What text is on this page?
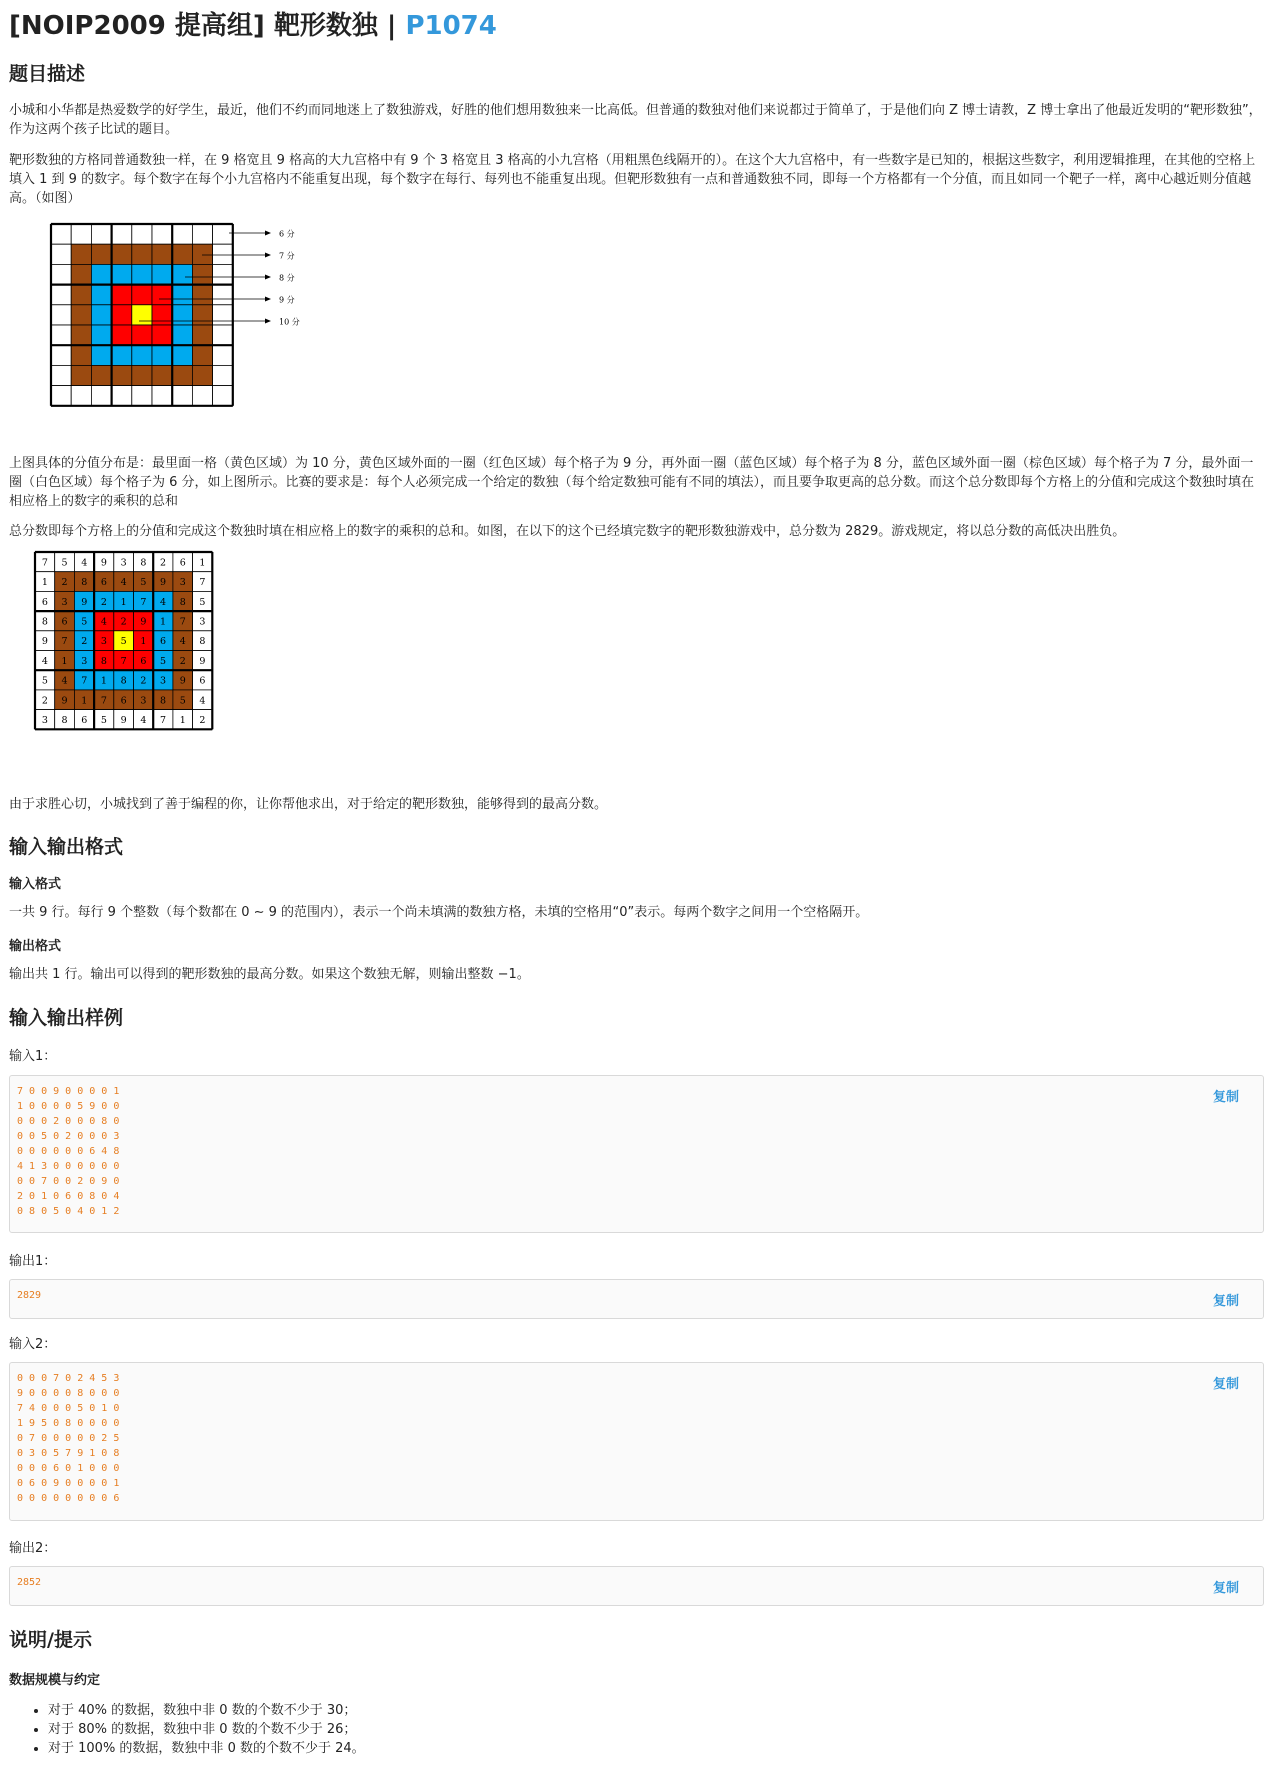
[NOIP2009 提高组] 靶形数独 | P1074
题目描述
小城和小华都是热爱数学的好学生，最近，他们不约而同地迷上了数独游戏，好胜的他们想用数独来一比高低。但普通的数独对他们来说都过于简单了，于是他们向 Z 博士请教，Z 博士拿出了他最近发明的“靶形数独”，作为这两个孩子比试的题目。
靶形数独的方格同普通数独一样，在 9 格宽且 9 格高的大九宫格中有 9 个 3 格宽且 3 格高的小九宫格（用粗黑色线隔开的）。在这个大九宫格中，有一些数字是已知的，根据这些数字，利用逻辑推理，在其他的空格上填入 1 到 9 的数字。每个数字在每个小九宫格内不能重复出现，每个数字在每行、每列也不能重复出现。但靶形数独有一点和普通数独不同，即每一个方格都有一个分值，而且如同一个靶子一样，离中心越近则分值越高。（如图）
6 分
7 分
8 分
9 分
10 分
上图具体的分值分布是：最里面一格（黄色区域）为 10 分，黄色区域外面的一圈（红色区域）每个格子为 9 分，再外面一圈（蓝色区域）每个格子为 8 分，蓝色区域外面一圈（棕色区域）每个格子为 7 分，最外面一圈（白色区域）每个格子为 6 分，如上图所示。比赛的要求是：每个人必须完成一个给定的数独（每个给定数独可能有不同的填法），而且要争取更高的总分数。而这个总分数即每个方格上的分值和完成这个数独时填在相应格上的数字的乘积的总和
总分数即每个方格上的分值和完成这个数独时填在相应格上的数字的乘积的总和。如图，在以下的这个已经填完数字的靶形数独游戏中，总分数为 2829。游戏规定，将以总分数的高低决出胜负。
7 5 4 9 3 8 2 6 1
1 2 8 6 4 5 9 3 7
6 3 9 2 1 7 4 8 5
8 6 5 4 2 9 1 7 3
9 7 2 3 5 1 6 4 8
4 1 3 8 7 6 5 2 9
5 4 7 1 8 2 3 9 6
2 9 1 7 6 3 8 5 4
3 8 6 5 9 4 7 1 2
由于求胜心切，小城找到了善于编程的你，让你帮他求出，对于给定的靶形数独，能够得到的最高分数。
输入输出格式
输入格式
一共 9 行。每行 9 个整数（每个数都在 0 ∼ 9 的范围内），表示一个尚未填满的数独方格，未填的空格用“0”表示。每两个数字之间用一个空格隔开。
输出格式
输出共 1 行。输出可以得到的靶形数独的最高分数。如果这个数独无解，则输出整数 −1。
输入输出样例
输入1：
7 0 0 9 0 0 0 0 1
1 0 0 0 0 5 9 0 0
0 0 0 2 0 0 0 8 0
0 0 5 0 2 0 0 0 3
0 0 0 0 0 0 6 4 8
4 1 3 0 0 0 0 0 0
0 0 7 0 0 2 0 9 0
2 0 1 0 6 0 8 0 4
0 8 0 5 0 4 0 1 2
复制
输出1：
2829	复制
输入2：
0 0 0 7 0 2 4 5 3
9 0 0 0 0 8 0 0 0
7 4 0 0 0 5 0 1 0
1 9 5 0 8 0 0 0 0
0 7 0 0 0 0 0 2 5
0 3 0 5 7 9 1 0 8
0 0 0 6 0 1 0 0 0
0 6 0 9 0 0 0 0 1
0 0 0 0 0 0 0 0 6
复制
输出2：
2852	复制
说明/提示
数据规模与约定
• 对于 40% 的数据，数独中非 0 数的个数不少于 30；
• 对于 80% 的数据，数独中非 0 数的个数不少于 26；
• 对于 100% 的数据，数独中非 0 数的个数不少于 24。
